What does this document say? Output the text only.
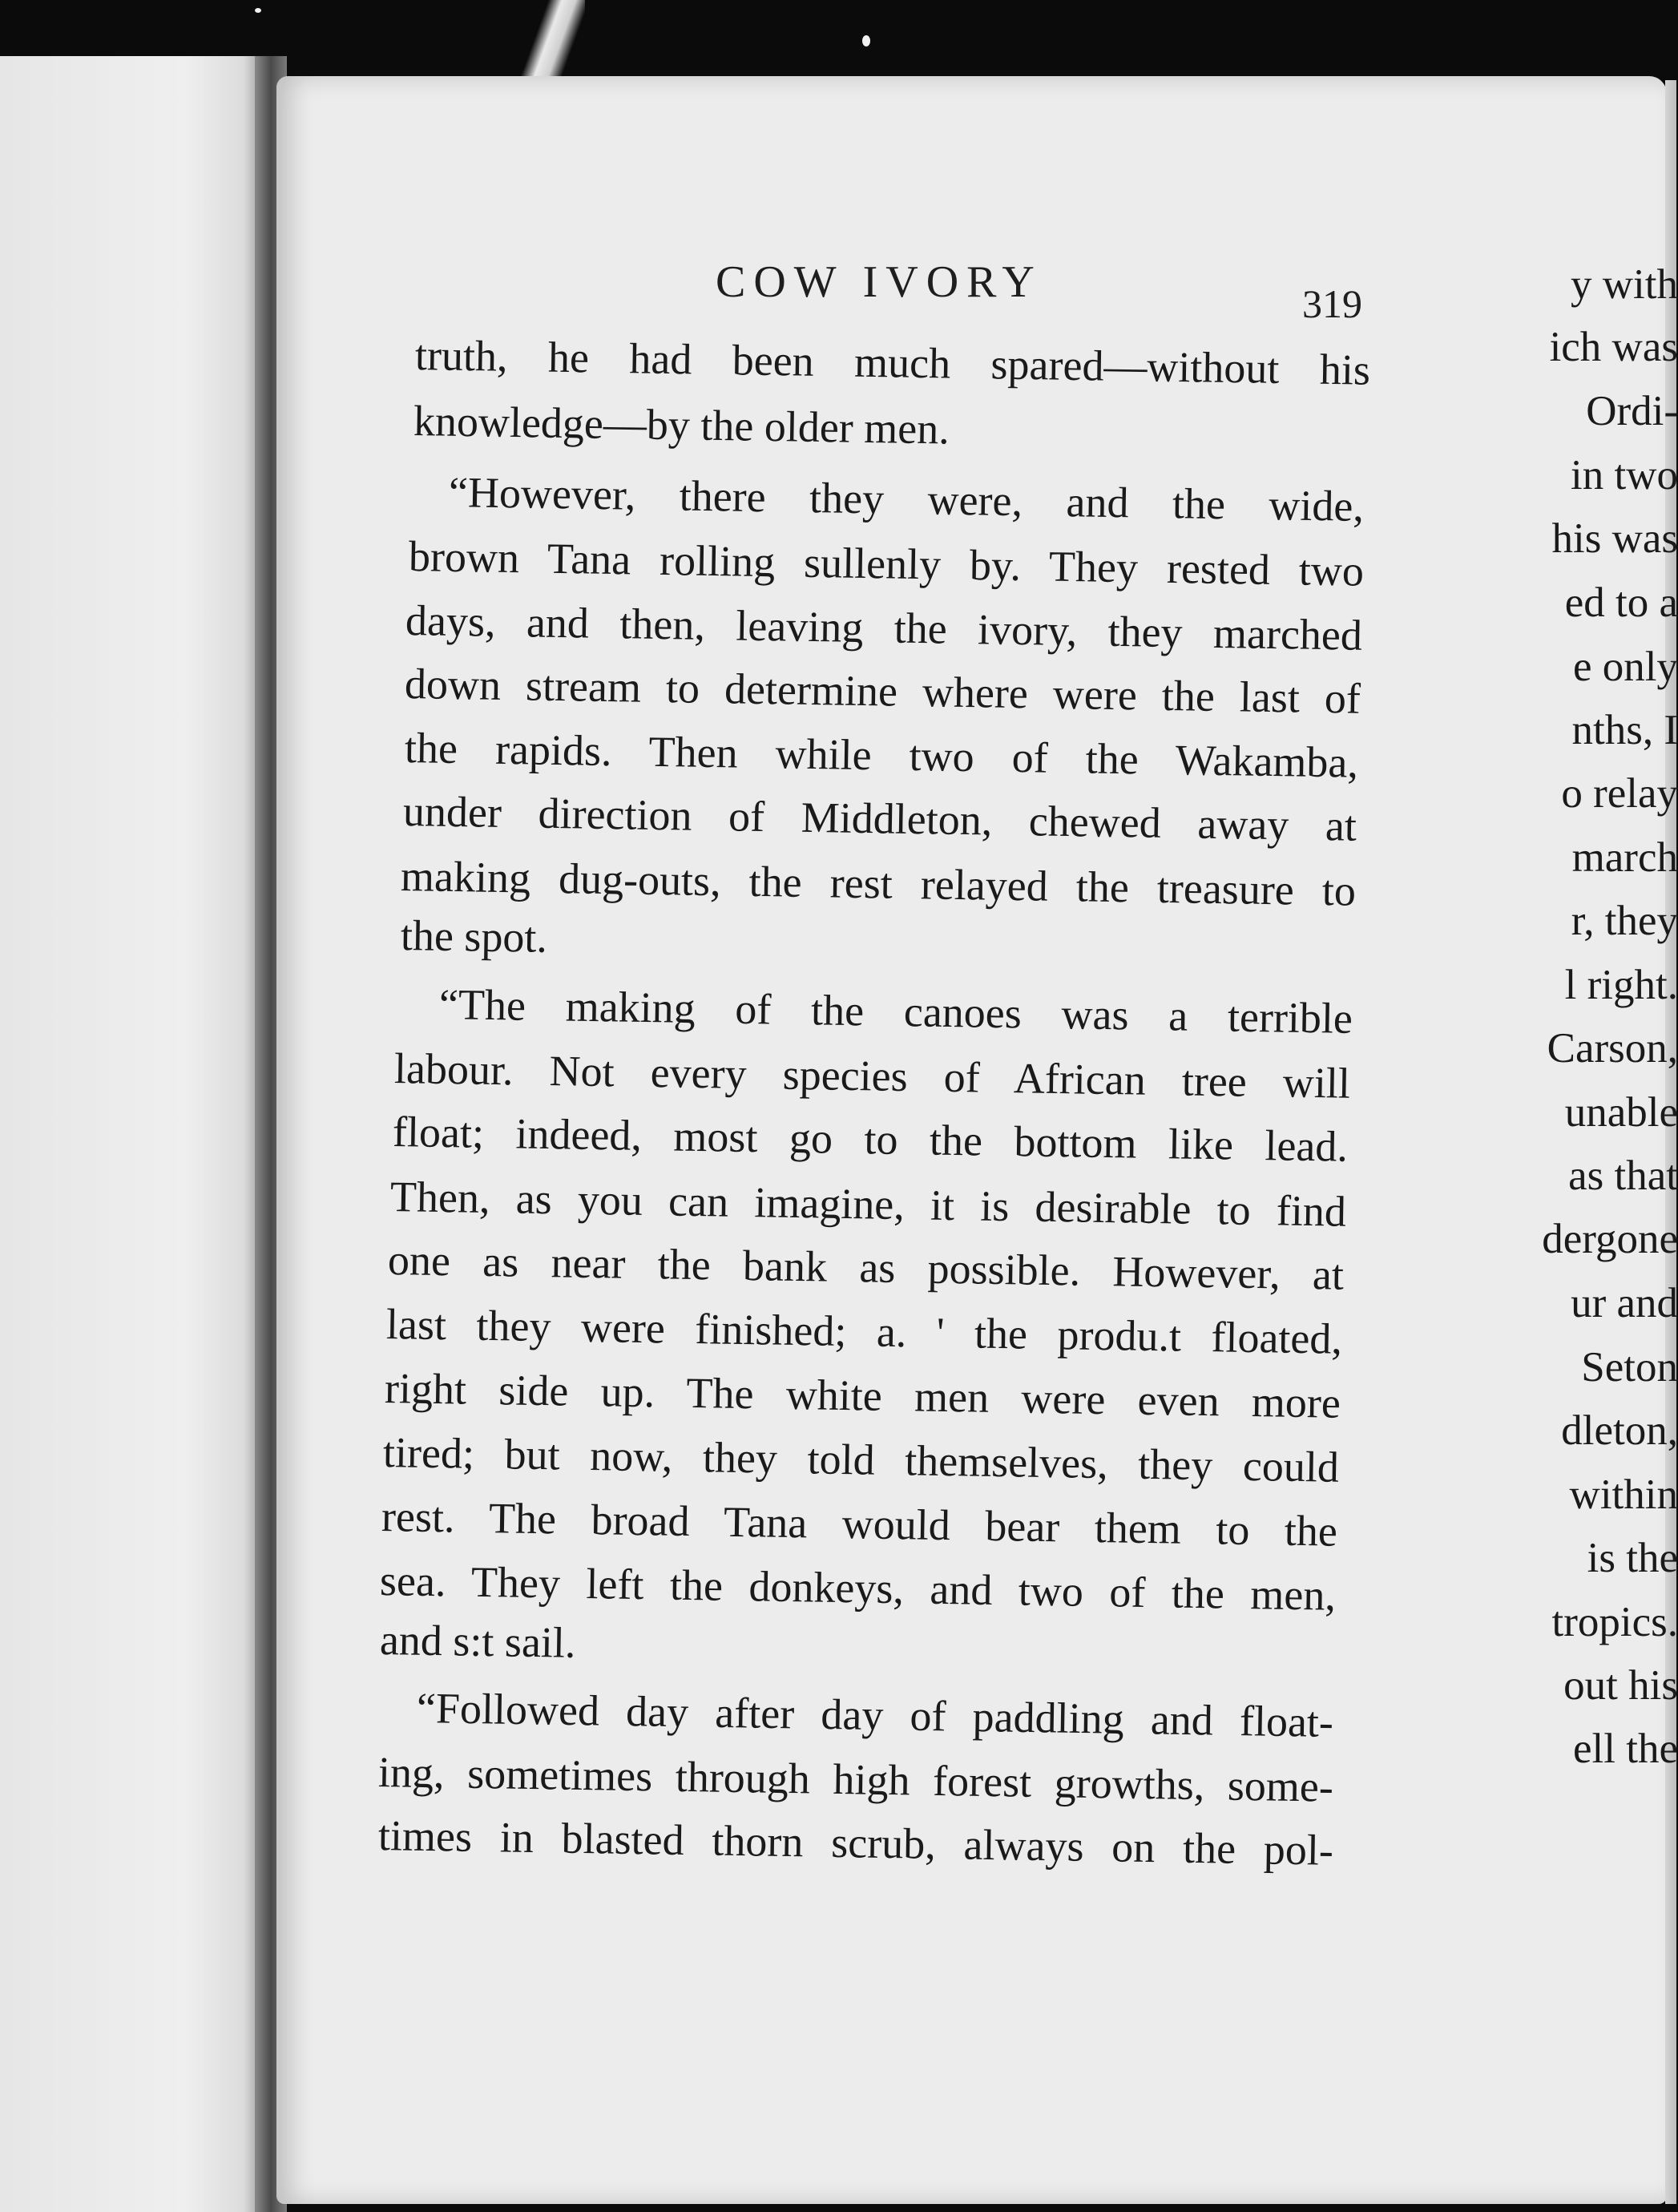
COW IVORY	319
truth, he had been much spared—without his
knowledge—by the older men.
“However, there they were, and the wide,
brown Tana rolling sullenly by. They rested two
days, and then, leaving the ivory, they marched
down stream to determine where were the last of
the rapids. Then while two of the Wakamba,
under direction of Middleton, chewed away at
making dug-outs, the rest relayed the treasure to
the spot.
“The making of the canoes was a terrible
labour. Not every species of African tree will
float; indeed, most go to the bottom like lead.
Then, as you can imagine, it is desirable to find
one as near the bank as possible. However, at
last they were finished; a. ' the produ.t floated,
right side up. The white men were even more
tired; but now, they told themselves, they could
rest. The broad Tana would bear them to the
sea. They left the donkeys, and two of the men,
and s:t sail.
“Followed day after day of paddling and float-
ing, sometimes through high forest growths, some-
times in blasted thorn scrub, always on the pol-
y with
ich was
Ordi-
in two
his was
ed to a
e only
nths, I
o relay
march
r, they
l right.
Carson,
unable
as that
dergone
ur and
Seton
dleton,
within
is the
tropics.
out his
ell the
